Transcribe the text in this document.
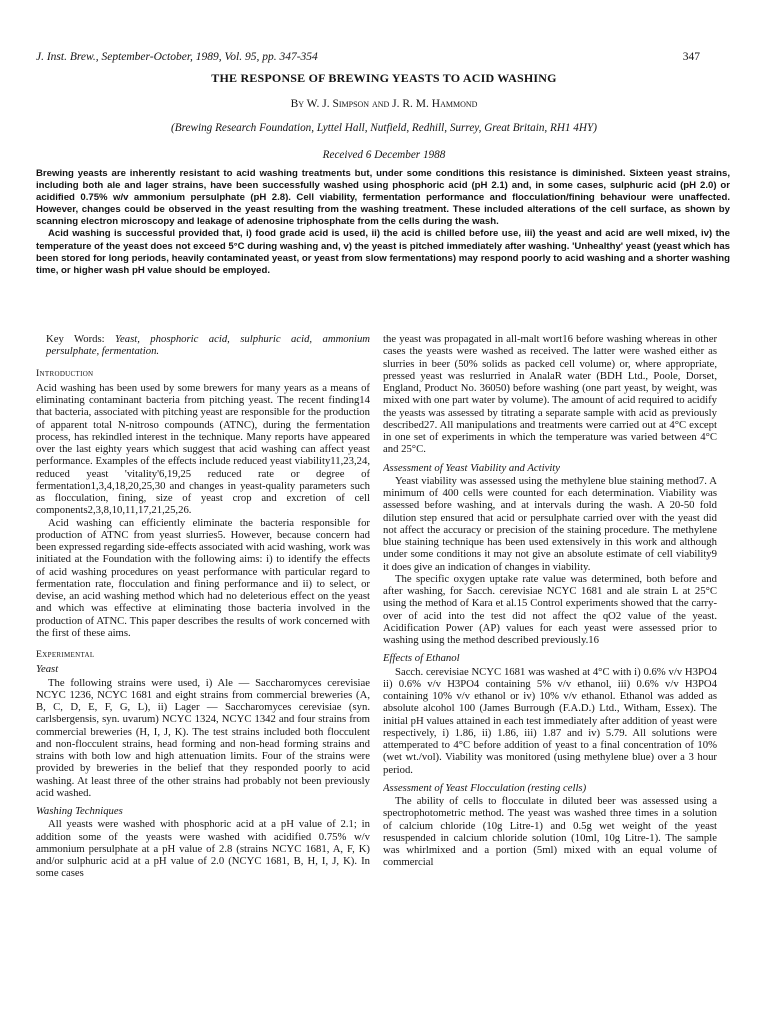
J. Inst. Brew., September-October, 1989, Vol. 95, pp. 347-354	347
THE RESPONSE OF BREWING YEASTS TO ACID WASHING
By W. J. Simpson and J. R. M. Hammond
(Brewing Research Foundation, Lyttel Hall, Nutfield, Redhill, Surrey, Great Britain, RH1 4HY)
Received 6 December 1988

Brewing yeasts are inherently resistant to acid washing treatments but, under some conditions this resistance is diminished. Sixteen yeast strains, including both ale and lager strains, have been successfully washed using phosphoric acid (pH 2.1) and, in some cases, sulphuric acid (pH 2.0) or acidified 0.75% w/v ammonium persulphate (pH 2.8). Cell viability, fermentation performance and flocculation/fining behaviour were unaffected. However, changes could be observed in the yeast resulting from the washing treatment. These included alterations of the cell surface, as shown by scanning electron microscopy and leakage of adenosine triphosphate from the cells during the wash.

Acid washing is successful provided that, i) food grade acid is used, ii) the acid is chilled before use, iii) the yeast and acid are well mixed, iv) the temperature of the yeast does not exceed 5°C during washing and, v) the yeast is pitched immediately after washing. 'Unhealthy' yeast (yeast which has been stored for long periods, heavily contaminated yeast, or yeast from slow fermentations) may respond poorly to acid washing and a shorter washing time, or higher wash pH value should be employed.

Key Words: Yeast, phosphoric acid, sulphuric acid, ammonium persulphate, fermentation.

Introduction

Acid washing has been used by some brewers for many years as a means of eliminating contaminant bacteria from pitching yeast. The recent finding14 that bacteria, associated with pitching yeast are responsible for the production of apparent total N-nitroso compounds (ATNC), during the fermentation process, has rekindled interest in the technique. Many reports have appeared over the last eighty years which suggest that acid washing can affect yeast performance. Examples of the effects include reduced yeast viability11,23,24, reduced yeast 'vitality'6,19,25 reduced rate or degree of fermentation1,3,4,18,20,25,30 and changes in yeast-quality parameters such as flocculation, fining, size of yeast crop and excretion of cell components2,3,8,10,11,17,21,25,26.

Acid washing can efficiently eliminate the bacteria responsible for production of ATNC from yeast slurries5. However, because concern had been expressed regarding side-effects associated with acid washing, work was initiated at the Foundation with the following aims: i) to identify the effects of acid washing procedures on yeast performance with particular regard to fermentation rate, flocculation and fining performance and ii) to select, or devise, an acid washing method which had no deleterious effect on the yeast and which was effective at eliminating those bacteria involved in the production of ATNC. This paper describes the results of work concerned with the first of these aims.

Experimental
Yeast

The following strains were used, i) Ale — Saccharomyces cerevisiae NCYC 1236, NCYC 1681 and eight strains from commercial breweries (A, B, C, D, E, F, G, L), ii) Lager — Saccharomyces cerevisiae (syn. carlsbergensis, syn. uvarum) NCYC 1324, NCYC 1342 and four strains from commercial breweries (H, I, J, K). The test strains included both flocculent and non-flocculent strains, head forming and non-head forming strains and strains with both low and high attenuation limits. Four of the strains were provided by breweries in the belief that they responded poorly to acid washing. At least three of the other strains had probably not been previously acid washed.

Washing Techniques

All yeasts were washed with phosphoric acid at a pH value of 2.1; in addition some of the yeasts were washed with acidified 0.75% w/v ammonium persulphate at a pH value of 2.8 (strains NCYC 1681, A, F, K) and/or sulphuric acid at a pH value of 2.0 (NCYC 1681, B, H, I, J, K). In some cases

the yeast was propagated in all-malt wort16 before washing whereas in other cases the yeasts were washed as received. The latter were washed either as slurries in beer (50% solids as packed cell volume) or, where appropriate, pressed yeast was reslurried in AnalaR water (BDH Ltd., Poole, Dorset, England, Product No. 36050) before washing (one part yeast, by weight, was mixed with one part water by volume). The amount of acid required to acidify the yeasts was assessed by titrating a separate sample with acid as previously described27. All manipulations and treatments were carried out at 4°C except in one set of experiments in which the temperature was varied between 4°C and 25°C.

Assessment of Yeast Viability and Activity

Yeast viability was assessed using the methylene blue staining method7. A minimum of 400 cells were counted for each determination. Viability was assessed before washing, and at intervals during the wash. A 20-50 fold dilution step ensured that acid or persulphate carried over with the yeast did not affect the accuracy or precision of the staining procedure. The methylene blue staining technique has been used extensively in this work and although under some conditions it may not give an absolute estimate of cell viability9 it does give an indication of changes in viability.

The specific oxygen uptake rate value was determined, both before and after washing, for Sacch. cerevisiae NCYC 1681 and ale strain L at 25°C using the method of Kara et al.15 Control experiments showed that the carry-over of acid into the test did not affect the qO2 value of the yeast. Acidification Power (AP) values for each yeast were assessed prior to washing using the method described previously.16

Effects of Ethanol

Sacch. cerevisiae NCYC 1681 was washed at 4°C with i) 0.6% v/v H3PO4 ii) 0.6% v/v H3PO4 containing 5% v/v ethanol, iii) 0.6% v/v H3PO4 containing 10% v/v ethanol or iv) 10% v/v ethanol. Ethanol was added as absolute alcohol 100 (James Burrough (F.A.D.) Ltd., Witham, Essex). The initial pH values attained in each test immediately after addition of yeast were respectively, i) 1.86, ii) 1.86, iii) 1.87 and iv) 5.79. All solutions were attemperated to 4°C before addition of yeast to a final concentration of 10% (wet wt./vol). Viability was monitored (using methylene blue) over a 3 hour period.

Assessment of Yeast Flocculation (resting cells)

The ability of cells to flocculate in diluted beer was assessed using a spectrophotometric method. The yeast was washed three times in a solution of calcium chloride (10g Litre-1) and 0.5g wet weight of the yeast resuspended in calcium chloride solution (10ml, 10g Litre-1). The sample was whirlmixed and a portion (5ml) mixed with an equal volume of commercial
